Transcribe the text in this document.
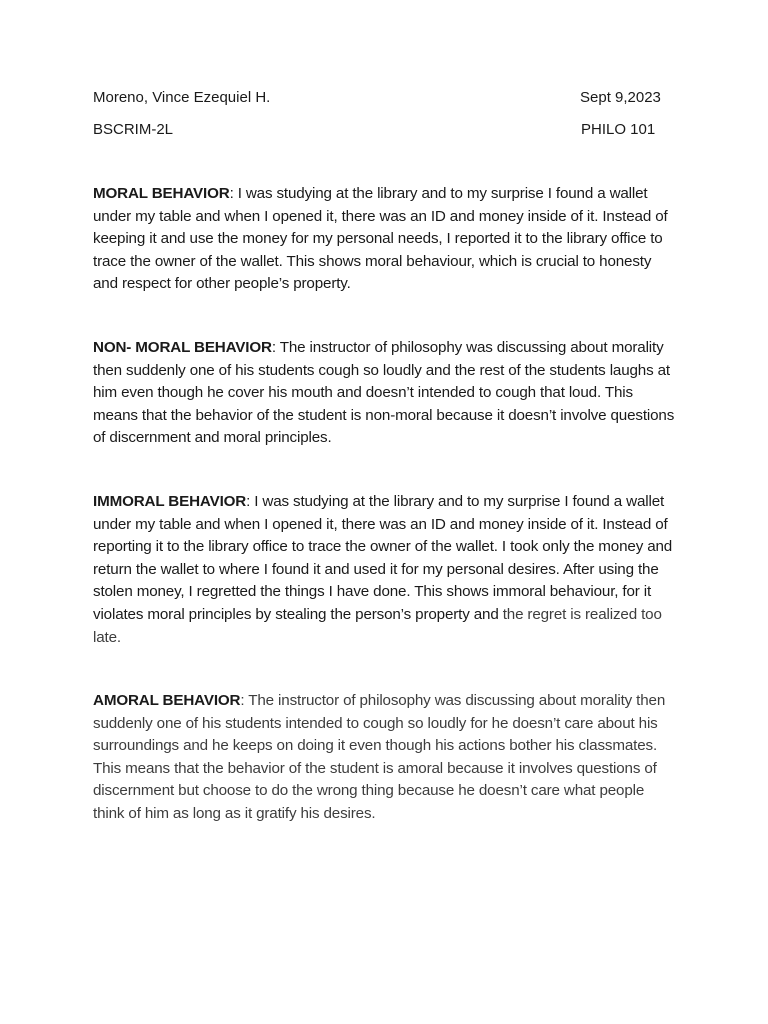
Moreno, Vince Ezequiel H.	Sept 9,2023
BSCRIM-2L	PHILO 101

MORAL BEHAVIOR: I was studying at the library and to my surprise I found a wallet under my table and when I opened it, there was an ID and money inside of it. Instead of keeping it and use the money for my personal needs, I reported it to the library office to trace the owner of the wallet. This shows moral behaviour, which is crucial to honesty and respect for other people’s property.

NON- MORAL BEHAVIOR: The instructor of philosophy was discussing about morality then suddenly one of his students cough so loudly and the rest of the students laughs at him even though he cover his mouth and doesn’t intended to cough that loud. This means that the behavior of the student is non-moral because it doesn’t involve questions of discernment and moral principles.

IMMORAL BEHAVIOR: I was studying at the library and to my surprise I found a wallet under my table and when I opened it, there was an ID and money inside of it. Instead of reporting it to the library office to trace the owner of the wallet. I took only the money and return the wallet to where I found it and used it for my personal desires. After using the stolen money, I regretted the things I have done. This shows immoral behaviour, for it violates moral principles by stealing the person’s property and the regret is realized too late.

AMORAL BEHAVIOR: The instructor of philosophy was discussing about morality then suddenly one of his students intended to cough so loudly for he doesn’t care about his surroundings and he keeps on doing it even though his actions bother his classmates. This means that the behavior of the student is amoral because it involves questions of discernment but choose to do the wrong thing because he doesn’t care what people think of him as long as it gratify his desires.
